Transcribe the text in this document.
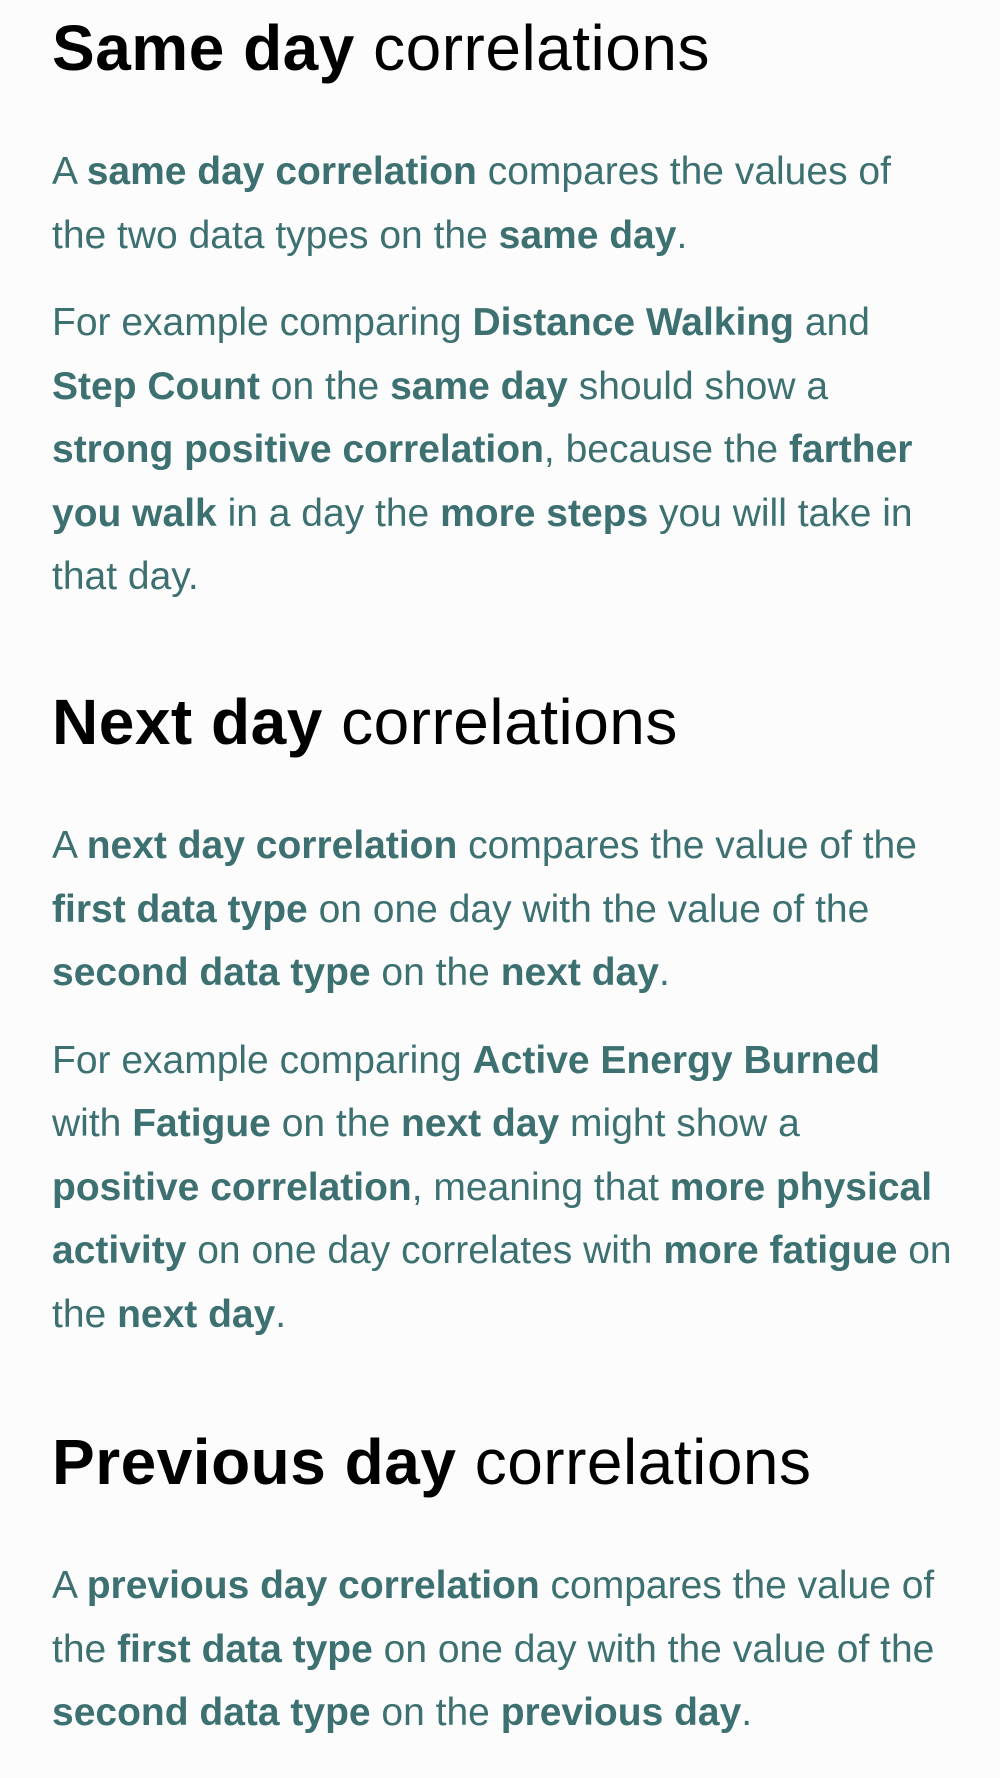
Same day correlations

A same day correlation compares the values of the two data types on the same day.

For example comparing Distance Walking and Step Count on the same day should show a strong positive correlation, because the farther you walk in a day the more steps you will take in that day.

Next day correlations

A next day correlation compares the value of the first data type on one day with the value of the second data type on the next day.

For example comparing Active Energy Burned with Fatigue on the next day might show a positive correlation, meaning that more physical activity on one day correlates with more fatigue on the next day.

Previous day correlations

A previous day correlation compares the value of the first data type on one day with the value of the second data type on the previous day.
